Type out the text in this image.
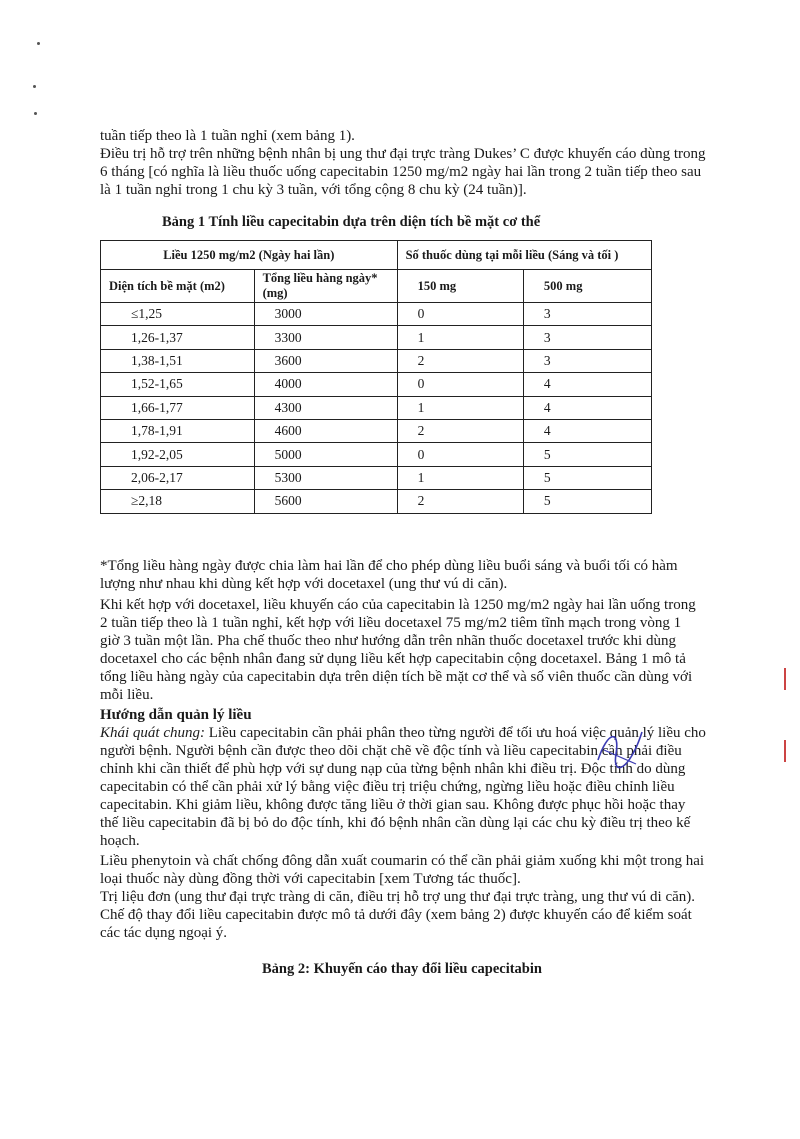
tuần tiếp theo là 1 tuần nghỉ (xem bảng 1).
Điều trị hỗ trợ trên những bệnh nhân bị ung thư đại trực tràng Dukes’ C được khuyến cáo dùng trong
6 tháng [có nghĩa là liều thuốc uống capecitabin 1250 mg/m2 ngày hai lần trong 2 tuần tiếp theo sau
là 1 tuần nghỉ trong 1 chu kỳ 3 tuần, với tổng cộng 8 chu kỳ (24 tuần)].
Bảng 1 Tính liều capecitabin dựa trên diện tích bề mặt cơ thể
Liều 1250 mg/m2 (Ngày hai lần)		Số thuốc dùng tại mỗi liều (Sáng và tối )	
Diện tích bề mặt (m2)	Tổng liều hàng ngày*(mg)	150 mg	500 mg
≤1,25	3000	0	3
1,26-1,37	3300	1	3
1,38-1,51	3600	2	3
1,52-1,65	4000	0	4
1,66-1,77	4300	1	4
1,78-1,91	4600	2	4
1,92-2,05	5000	0	5
2,06-2,17	5300	1	5
≥2,18	5600	2	5
*Tổng liều hàng ngày được chia làm hai lần để cho phép dùng liều buổi sáng và buổi tối có hàm
lượng như nhau khi dùng kết hợp với docetaxel (ung thư vú di căn).
Khi kết hợp với docetaxel, liều khuyến cáo của capecitabin là 1250 mg/m2 ngày hai lần uống trong
2 tuần tiếp theo là 1 tuần nghỉ, kết hợp với liều docetaxel 75 mg/m2 tiêm tĩnh mạch trong vòng 1
giờ 3 tuần một lần. Pha chế thuốc theo như hướng dẫn trên nhãn thuốc docetaxel trước khi dùng
docetaxel cho các bệnh nhân đang sử dụng liều kết hợp capecitabin cộng docetaxel. Bảng 1 mô tả
tổng liều hàng ngày của capecitabin dựa trên diện tích bề mặt cơ thể và số viên thuốc cần dùng với
mỗi liều.
Hướng dẫn quản lý liều
Khái quát chung: Liều capecitabin cần phải phân theo từng người để tối ưu hoá việc quản lý liều cho
người bệnh. Người bệnh cần được theo dõi chặt chẽ về độc tính và liều capecitabin cần phải điều
chỉnh khi cần thiết để phù hợp với sự dung nạp của từng bệnh nhân khi điều trị. Độc tính do dùng
capecitabin có thể cần phải xử lý bằng việc điều trị triệu chứng, ngừng liều hoặc điều chỉnh liều
capecitabin. Khi giảm liều, không được tăng liều ở thời gian sau. Không được phục hồi hoặc thay
thế liều capecitabin đã bị bỏ do độc tính, khi đó bệnh nhân cần dùng lại các chu kỳ điều trị theo kế
hoạch.
Liều phenytoin và chất chống đông dẫn xuất coumarin có thể cần phải giảm xuống khi một trong hai
loại thuốc này dùng đồng thời với capecitabin [xem Tương tác thuốc].
Trị liệu đơn (ung thư đại trực tràng di căn, điều trị hỗ trợ ung thư đại trực tràng, ung thư vú di căn).
Chế độ thay đổi liều capecitabin được mô tả dưới đây (xem bảng 2) được khuyến cáo để kiểm soát
các tác dụng ngoại ý.
Bảng 2: Khuyến cáo thay đổi liều capecitabin
